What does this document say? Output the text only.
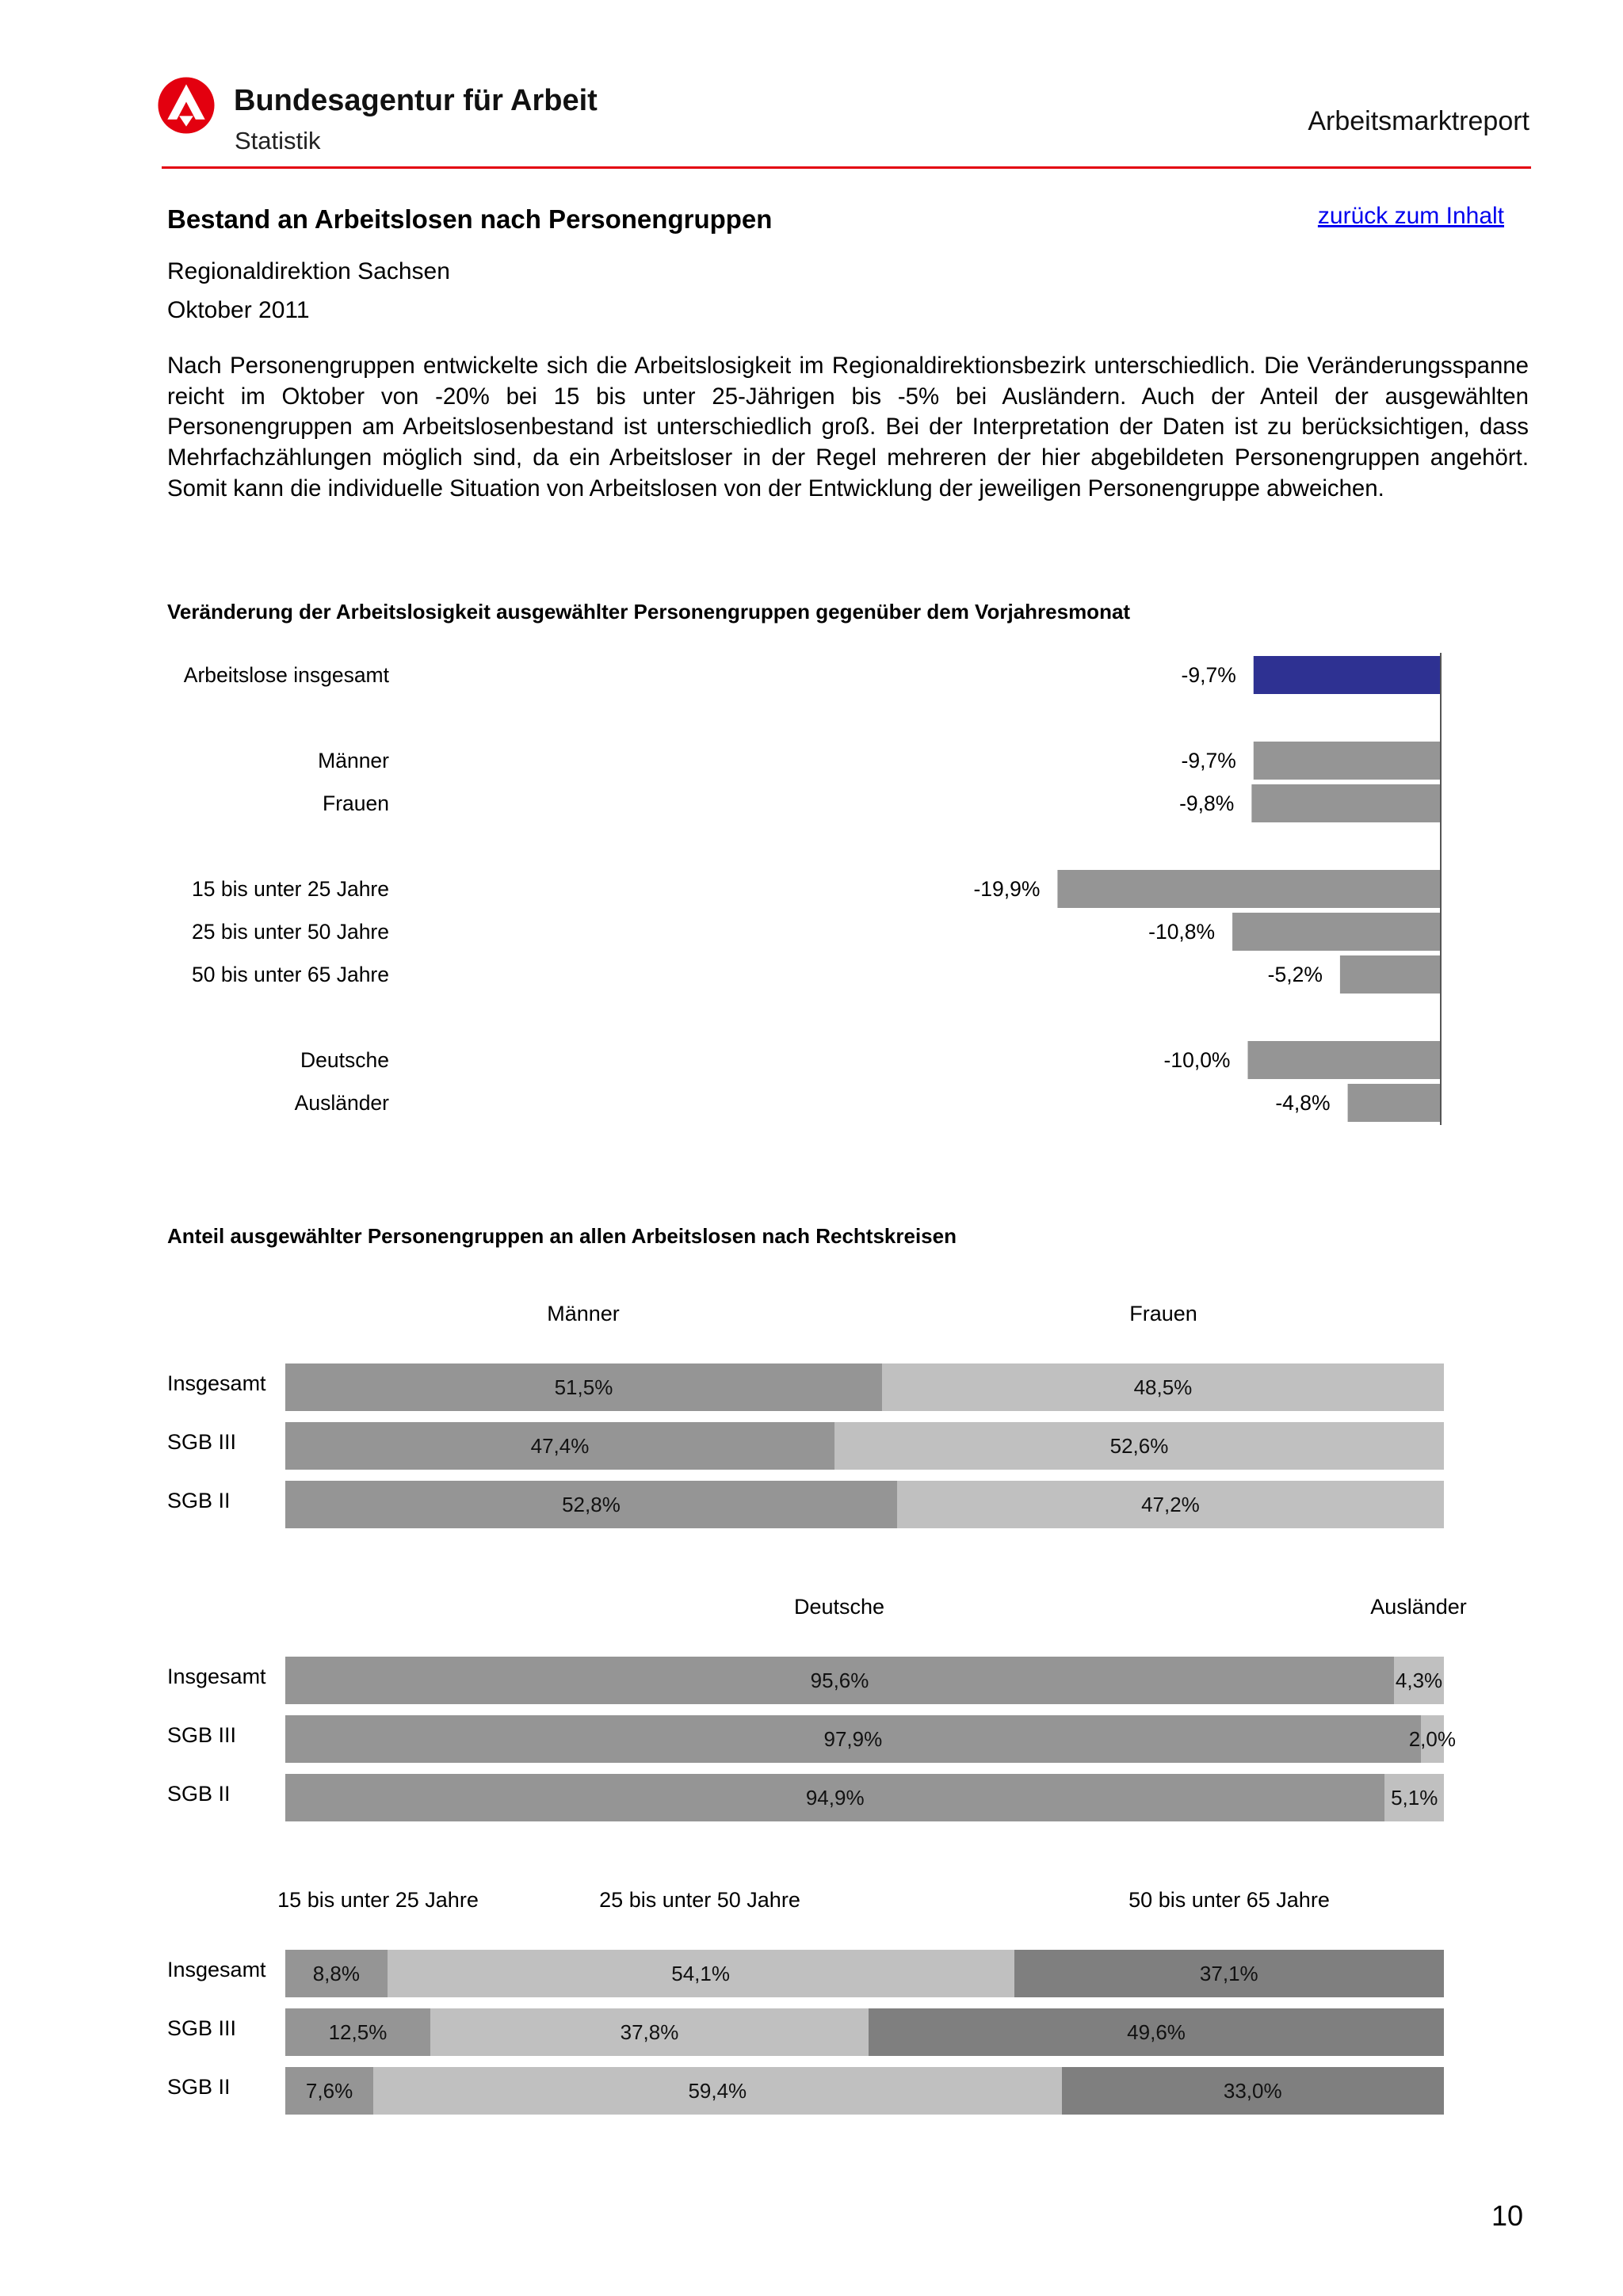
Bundesagentur für Arbeit
Statistik
Arbeitsmarktreport
Bestand an Arbeitslosen nach Personengruppen	zurück zum Inhalt
Regionaldirektion Sachsen
Oktober 2011

Nach Personengruppen entwickelte sich die Arbeitslosigkeit im Regionaldirektionsbezirk unterschiedlich. Die Veränderungsspanne reicht im Oktober von -20% bei 15 bis unter 25-Jährigen bis -5% bei Ausländern. Auch der Anteil der ausgewählten Personengruppen am Arbeitslosenbestand ist unterschiedlich groß. Bei der Interpretation der Daten ist zu berücksichtigen, dass Mehrfachzählungen möglich sind, da ein Arbeitsloser in der Regel mehreren der hier abgebildeten Personengruppen angehört. Somit kann die individuelle Situation von Arbeitslosen von der Entwicklung der jeweiligen Personengruppe abweichen.

Veränderung der Arbeitslosigkeit ausgewählter Personengruppen gegenüber dem Vorjahresmonat
Arbeitslose insgesamt	-9,7%
Männer	-9,7%
Frauen	-9,8%
15 bis unter 25 Jahre	-19,9%
25 bis unter 50 Jahre	-10,8%
50 bis unter 65 Jahre	-5,2%
Deutsche	-10,0%
Ausländer	-4,8%
Anteil ausgewählter Personengruppen an allen Arbeitslosen nach Rechtskreisen
Männer	Frauen
Insgesamt	51,5%	48,5%
SGB III	47,4%	52,6%
SGB II	52,8%	47,2%
Deutsche	Ausländer
Insgesamt	95,6%	4,3%
SGB III	97,9%	2,0%
SGB II	94,9%	5,1%
15 bis unter 25 Jahre	25 bis unter 50 Jahre	50 bis unter 65 Jahre
Insgesamt 8,8%	54,1%	37,1%
SGB III	12,5%	37,8%	49,6%
SGB II	7,6%	59,4%	33,0%
10
